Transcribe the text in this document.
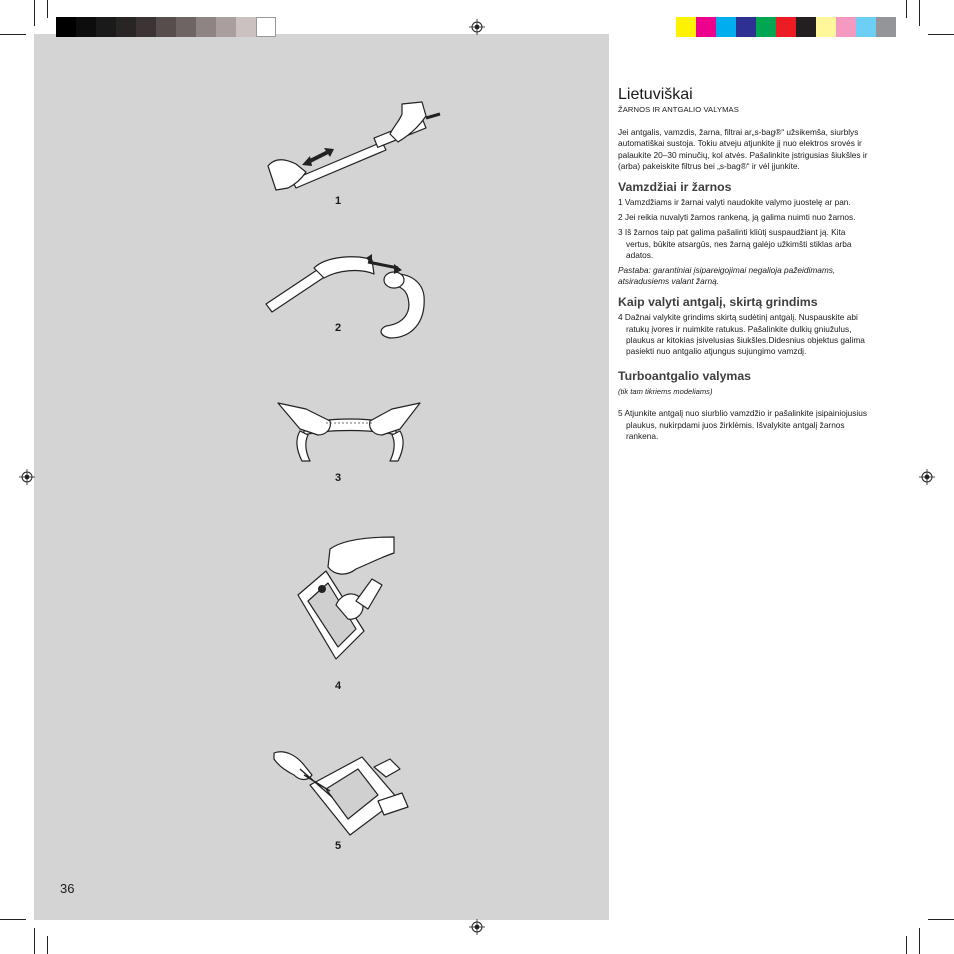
1
2
3
4
5
36
Lietuviškai

ŽARNOS IR ANTGALIO VALYMAS

Jei antgalis, vamzdis, žarna, filtrai ar„s-bag®“ užsikemša, siurblys automatiškai sustoja. Tokiu atveju atjunkite jį nuo elektros srovės ir palaukite 20–30 minučių, kol atvės. Pašalinkite įstrigusias šiukšles ir (arba) pakeiskite filtrus bei „s-bag®“ ir vėl įjunkite.

Vamzdžiai ir žarnos

1 Vamzdžiams ir žarnai valyti naudokite valymo juostelę ar pan.

2 Jei reikia nuvalyti žarnos rankeną, ją galima nuimti nuo žarnos.

3 Iš žarnos taip pat galima pašalinti kliūtį suspaudžiant ją. Kita vertus, būkite atsargūs, nes žarną galėjo užkimšti stiklas arba adatos.

Pastaba: garantiniai įsipareigojimai negalioja pažeidimams, atsiradusiems valant žarną.

Kaip valyti antgalį, skirtą grindims

4 Dažnai valykite grindims skirtą sudėtinį antgalį. Nuspauskite abi ratukų įvores ir nuimkite ratukus. Pašalinkite dulkių gniužulus, plaukus ar kitokias įsivelusias šiukšles.Didesnius objektus galima pasiekti nuo antgalio atjungus sujungimo vamzdį.

Turboantgalio valymas

(tik tam tikriems modeliams)

5 Atjunkite antgalį nuo siurblio vamzdžio ir pašalinkite įsipainiojusius plaukus, nukirpdami juos žirklėmis. Išvalykite antgalį žarnos rankena.
